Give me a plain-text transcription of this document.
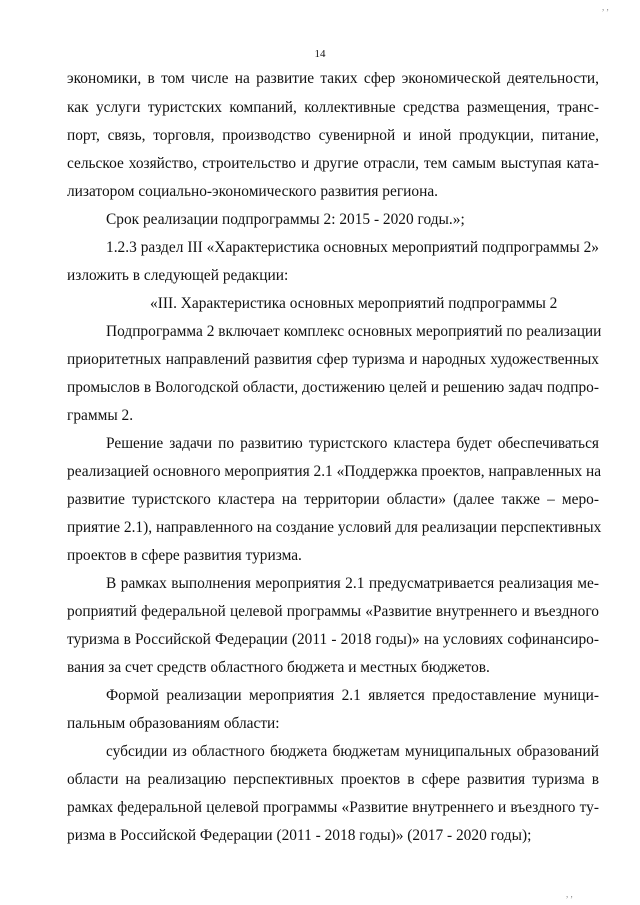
14
экономики, в том числе на развитие таких сфер экономической деятельности,
как услуги туристских компаний, коллективные средства размещения, транс-
порт, связь, торговля, производство сувенирной и иной продукции, питание,
сельское хозяйство, строительство и другие отрасли, тем самым выступая ката-
лизатором социально-экономического развития региона.
Срок реализации подпрограммы 2: 2015 - 2020 годы.»;
1.2.3 раздел III «Характеристика основных мероприятий подпрограммы 2»
изложить в следующей редакции:
«III. Характеристика основных мероприятий подпрограммы 2
Подпрограмма 2 включает комплекс основных мероприятий по реализации
приоритетных направлений развития сфер туризма и народных художественных
промыслов в Вологодской области, достижению целей и решению задач подпро-
граммы 2.
Решение задачи по развитию туристского кластера будет обеспечиваться
реализацией основного мероприятия 2.1 «Поддержка проектов, направленных на
развитие туристского кластера на территории области» (далее также – меро-
приятие 2.1), направленного на создание условий для реализации перспективных
проектов в сфере развития туризма.
В рамках выполнения мероприятия 2.1 предусматривается реализация ме-
роприятий федеральной целевой программы «Развитие внутреннего и въездного
туризма в Российской Федерации (2011 - 2018 годы)» на условиях софинансиро-
вания за счет средств областного бюджета и местных бюджетов.
Формой реализации мероприятия 2.1 является предоставление муници-
пальным образованиям области:
субсидии из областного бюджета бюджетам муниципальных образований
области на реализацию перспективных проектов в сфере развития туризма в
рамках федеральной целевой программы «Развитие внутреннего и въездного ту-
ризма в Российской Федерации (2011 - 2018 годы)» (2017 - 2020 годы);
, ,
, ,
